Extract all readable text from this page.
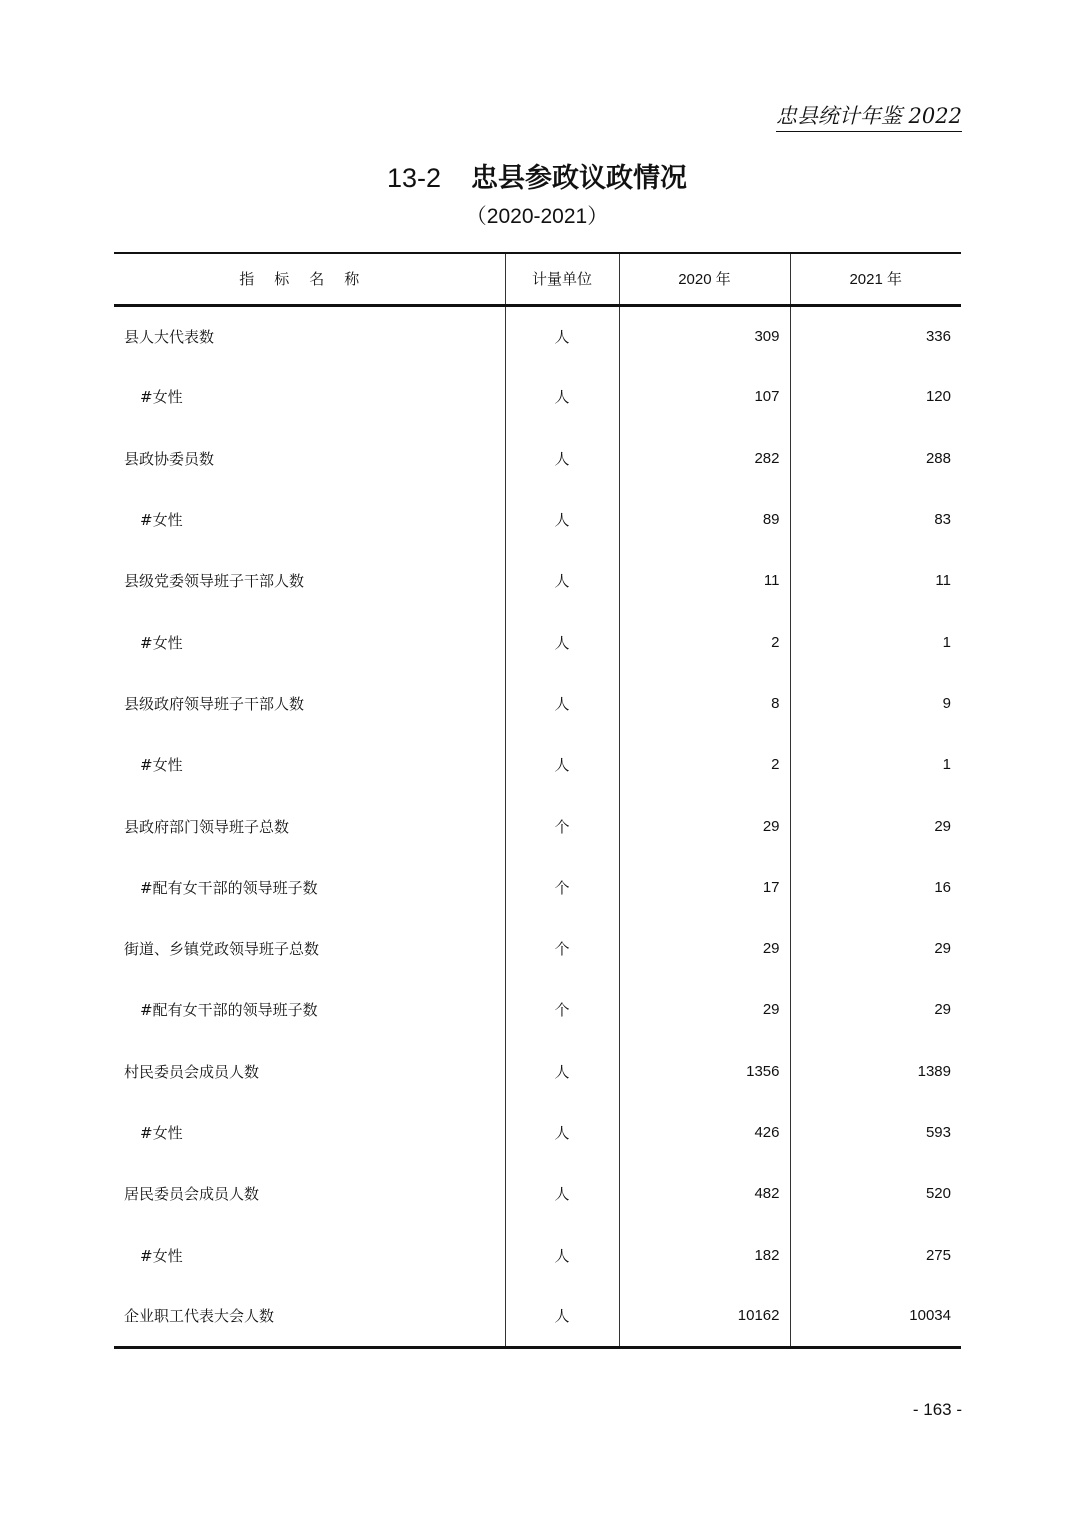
忠县统计年鉴 2022
13-2 忠县参政议政情况
（2020-2021）
指标名称	计量单位	2020 年	2021 年
县人大代表数	人	309	336
#女性	人	107	120
县政协委员数	人	282	288
#女性	人	89	83
县级党委领导班子干部人数	人	11	11
#女性	人	2	1
县级政府领导班子干部人数	人	8	9
#女性	人	2	1
县政府部门领导班子总数	个	29	29
#配有女干部的领导班子数	个	17	16
街道、乡镇党政领导班子总数	个	29	29
#配有女干部的领导班子数	个	29	29
村民委员会成员人数	人	1356	1389
#女性	人	426	593
居民委员会成员人数	人	482	520
#女性	人	182	275
企业职工代表大会人数	人	10162	10034
- 163 -
